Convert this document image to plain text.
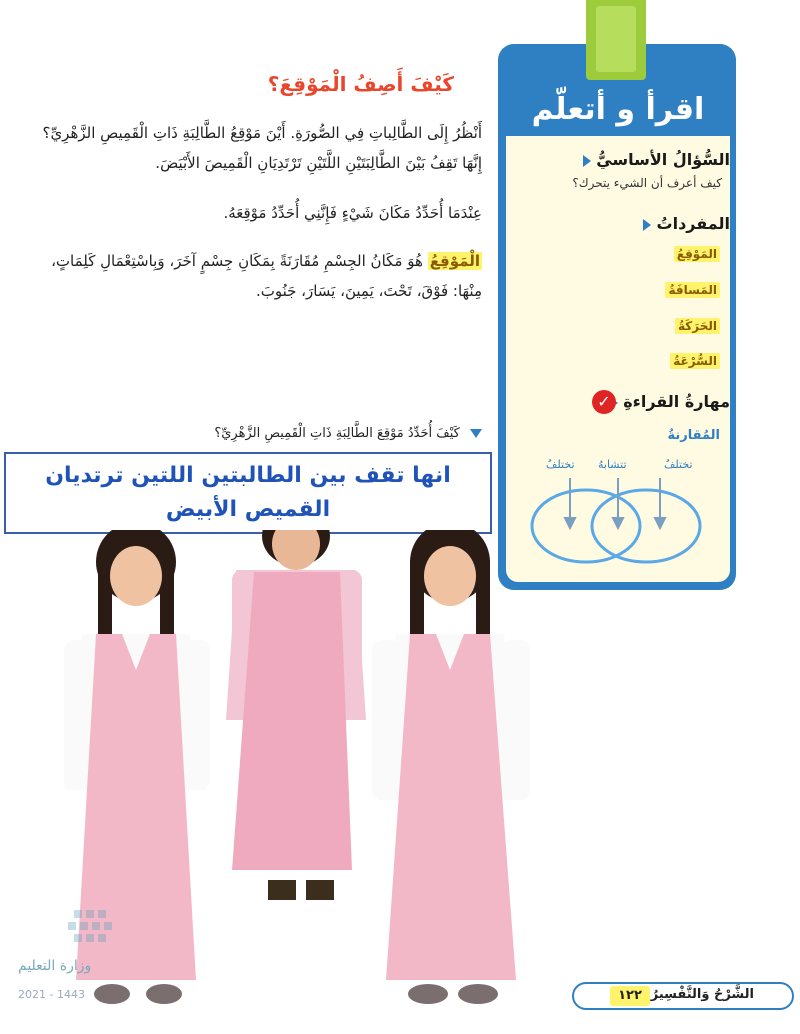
اقرأ و أتعلّم
السُّؤالُ الأساسيُّ
كيف أعرف أن الشيء يتحرك؟
المفرداتُ
المَوْقِعُ
المَسافَةُ
الحَرَكَةُ
السُّرْعَةُ
مهارةُ القراءةِ
✓
المُقارنةُ
تختلفُ
تتشابهُ
تختلفُ
كَيْفَ أَصِفُ الْمَوْقِعَ؟
أَنْظُرُ إِلَى الطَّالِباتِ فِي الصُّورَةِ. أَيْنَ مَوْقِعُ الطَّالِبَةِ ذَاتِ الْقَمِيصِ الزَّهْرِيِّ؟ إِنَّهَا تَقِفُ بَيْنَ الطَّالِبَتَيْنِ اللَّتَيْنِ تَرْتَدِيَانِ الْقَمِيصَ الأَبْيَضَ.
عِنْدَمَا أُحَدِّدُ مَكَانَ شَيْءٍ فَإِنَّنِي أُحَدِّدُ مَوْقِعَهُ.
الْمَوْقِعُ هُوَ مَكَانُ الجِسْمِ مُقَارَنَةً بِمَكَانِ جِسْمٍ آخَرَ، وَبِاسْتِعْمَالِ كَلِمَاتٍ، مِنْهَا: فَوْقَ، تَحْتَ، يَمِينَ، يَسَارَ، جَنُوبَ.
كَيْفَ أُحَدِّدُ مَوْقِعَ الطَّالِبَةِ ذَاتِ الْقَمِيصِ الزَّهْرِيِّ؟
انها تقف بين الطالبتين اللتين ترتديان القميص الأبيض
وزارة التعليم
2021 - 1443	الشَّرْحُ وَالتَّفْسِيرُ
١٢٢
